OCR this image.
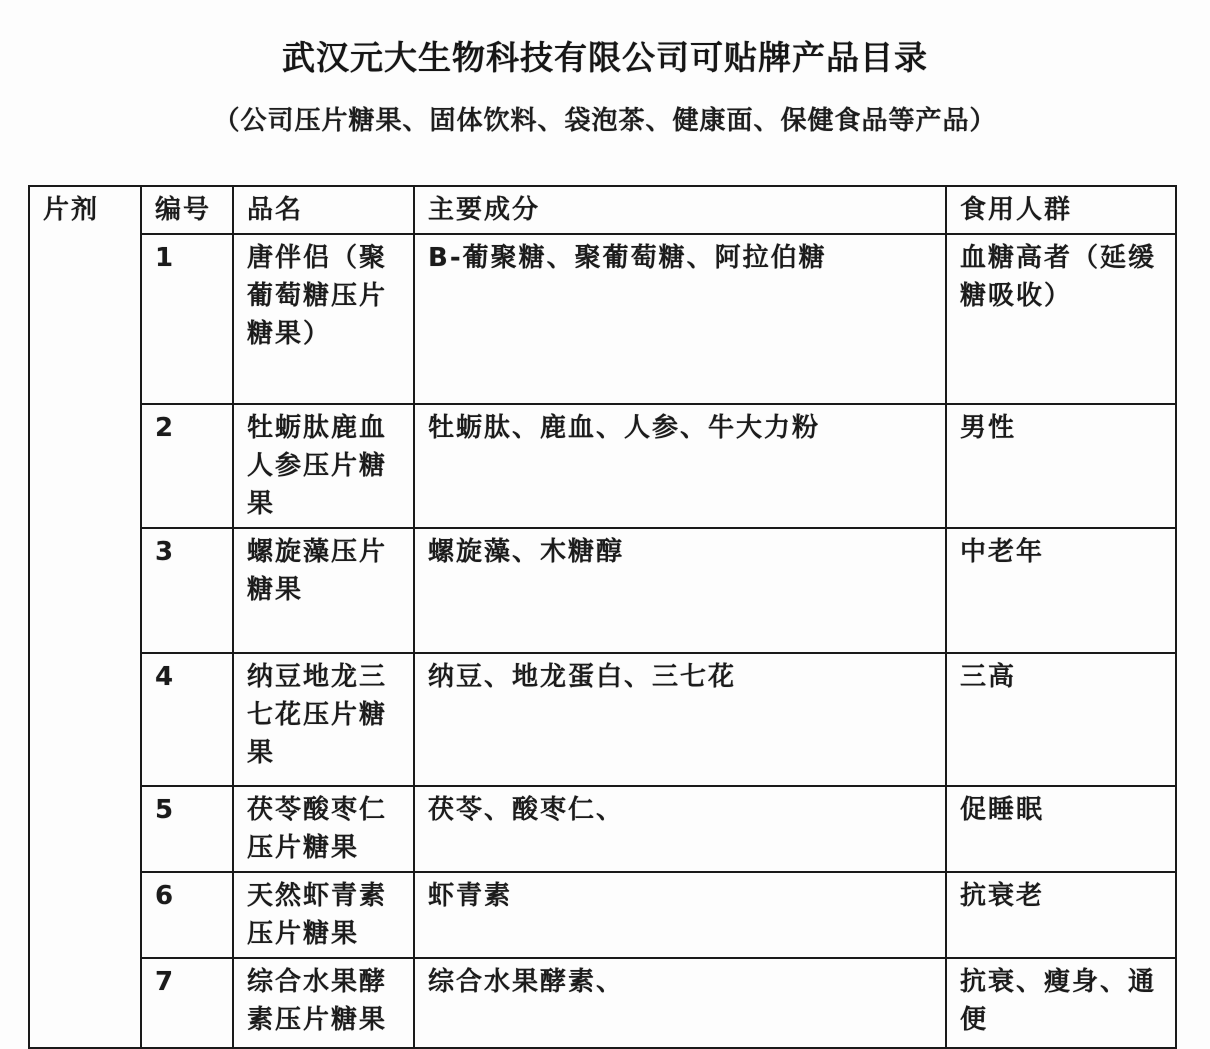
武汉元大生物科技有限公司可贴牌产品目录
（公司压片糖果、固体饮料、袋泡茶、健康面、保健食品等产品）
片剂	编号	品名	主要成分	食用人群
	1	唐伴侣（聚葡萄糖压片糖果）	B-葡聚糖、聚葡萄糖、阿拉伯糖	血糖高者（延缓糖吸收）
	2	牡蛎肽鹿血人参压片糖果	牡蛎肽、鹿血、人参、牛大力粉	男性
	3	螺旋藻压片糖果	螺旋藻、木糖醇	中老年
	4	纳豆地龙三七花压片糖果	纳豆、地龙蛋白、三七花	三高
	5	茯苓酸枣仁压片糖果	茯苓、酸枣仁、	促睡眠
	6	天然虾青素压片糖果	虾青素	抗衰老
	7	综合水果酵素压片糖果	综合水果酵素、	抗衰、瘦身、通便
